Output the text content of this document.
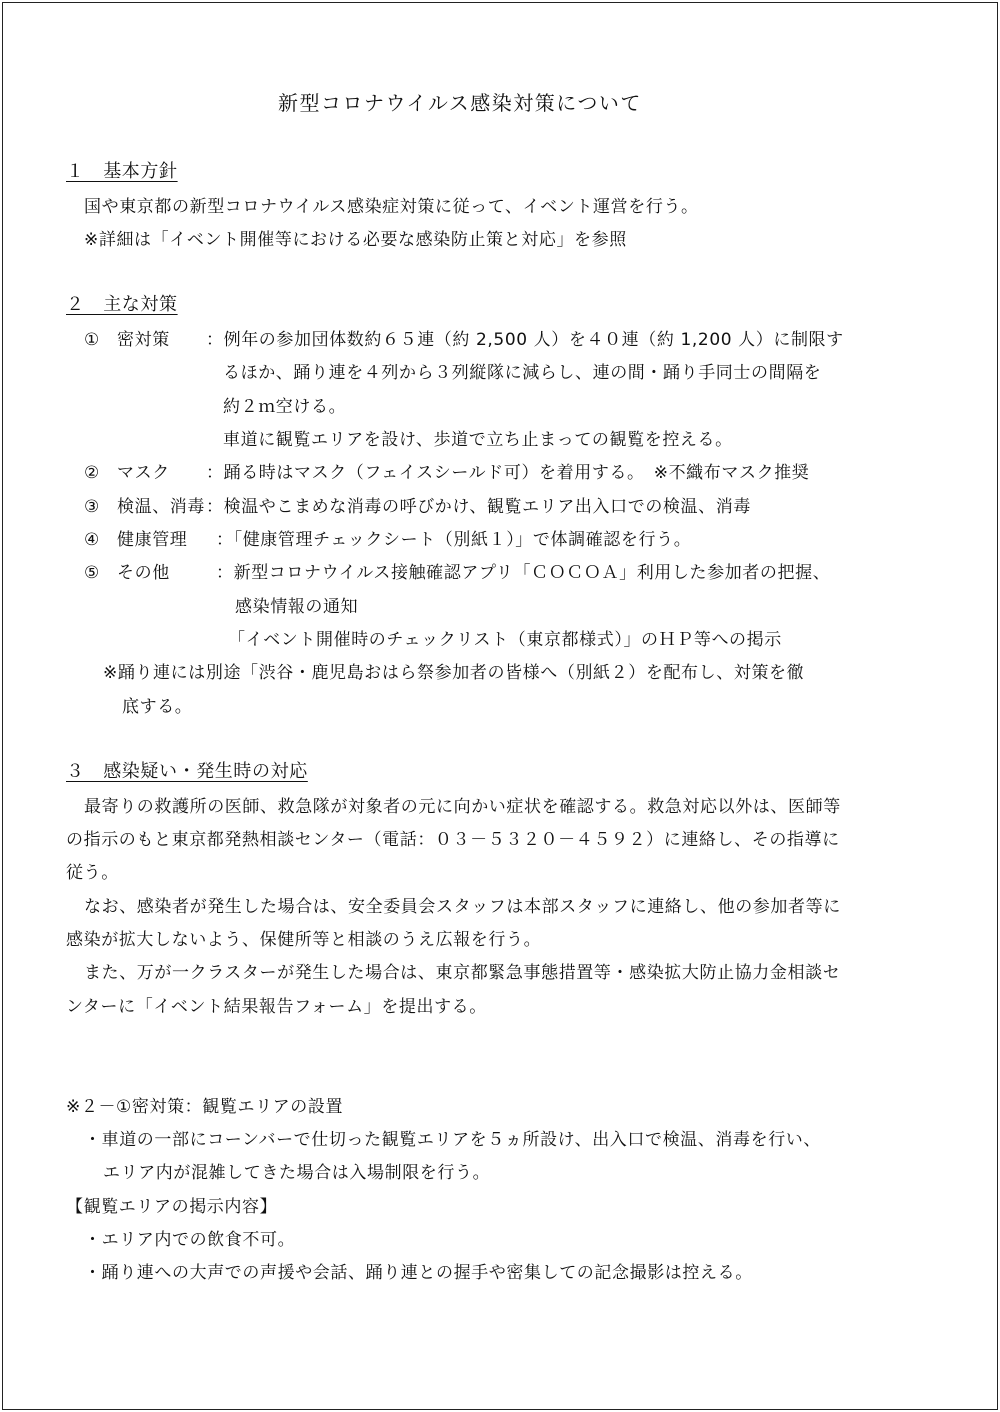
新型コロナウイルス感染対策について
１　基本方針
国や東京都の新型コロナウイルス感染症対策に従って、イベント運営を行う。
※詳細は「イベント開催等における必要な感染防止策と対応」を参照
２　主な対策
① 密対策 ：例年の参加団体数約６５連（約 2,500 人）を４０連（約 1,200 人）に制限す
るほか、踊り連を４列から３列縦隊に減らし、連の間・踊り手同士の間隔を
約２ｍ空ける。
車道に観覧エリアを設け、歩道で立ち止まっての観覧を控える。
② マスク ：踊る時はマスク（フェイスシールド可）を着用する。　※不織布マスク推奨
③ 検温、消毒 ：検温やこまめな消毒の呼びかけ、観覧エリア出入口での検温、消毒
④ 健康管理 ：「健康管理チェックシート（別紙１）」で体調確認を行う。
⑤ その他	：新型コロナウイルス接触確認アプリ「ＣＯＣＯＡ」利用した参加者の把握、
感染情報の通知
「イベント開催時のチェックリスト（東京都様式）」のＨＰ等への掲示
※踊り連には別途「渋谷・鹿児島おはら祭参加者の皆様へ（別紙２）を配布し、対策を徹
底する。
３　感染疑い・発生時の対応
最寄りの救護所の医師、救急隊が対象者の元に向かい症状を確認する。救急対応以外は、医師等
の指示のもと東京都発熱相談センター（電話：０３－５３２０－４５９２）に連絡し、その指導に
従う。
なお、感染者が発生した場合は、安全委員会スタッフは本部スタッフに連絡し、他の参加者等に
感染が拡大しないよう、保健所等と相談のうえ広報を行う。
また、万が一クラスターが発生した場合は、東京都緊急事態措置等・感染拡大防止協力金相談セ
ンターに「イベント結果報告フォーム」を提出する。
※２－①密対策：観覧エリアの設置
・車道の一部にコーンバーで仕切った観覧エリアを５ヵ所設け、出入口で検温、消毒を行い、
エリア内が混雑してきた場合は入場制限を行う。
【観覧エリアの掲示内容】
・エリア内での飲食不可。
・踊り連への大声での声援や会話、踊り連との握手や密集しての記念撮影は控える。
